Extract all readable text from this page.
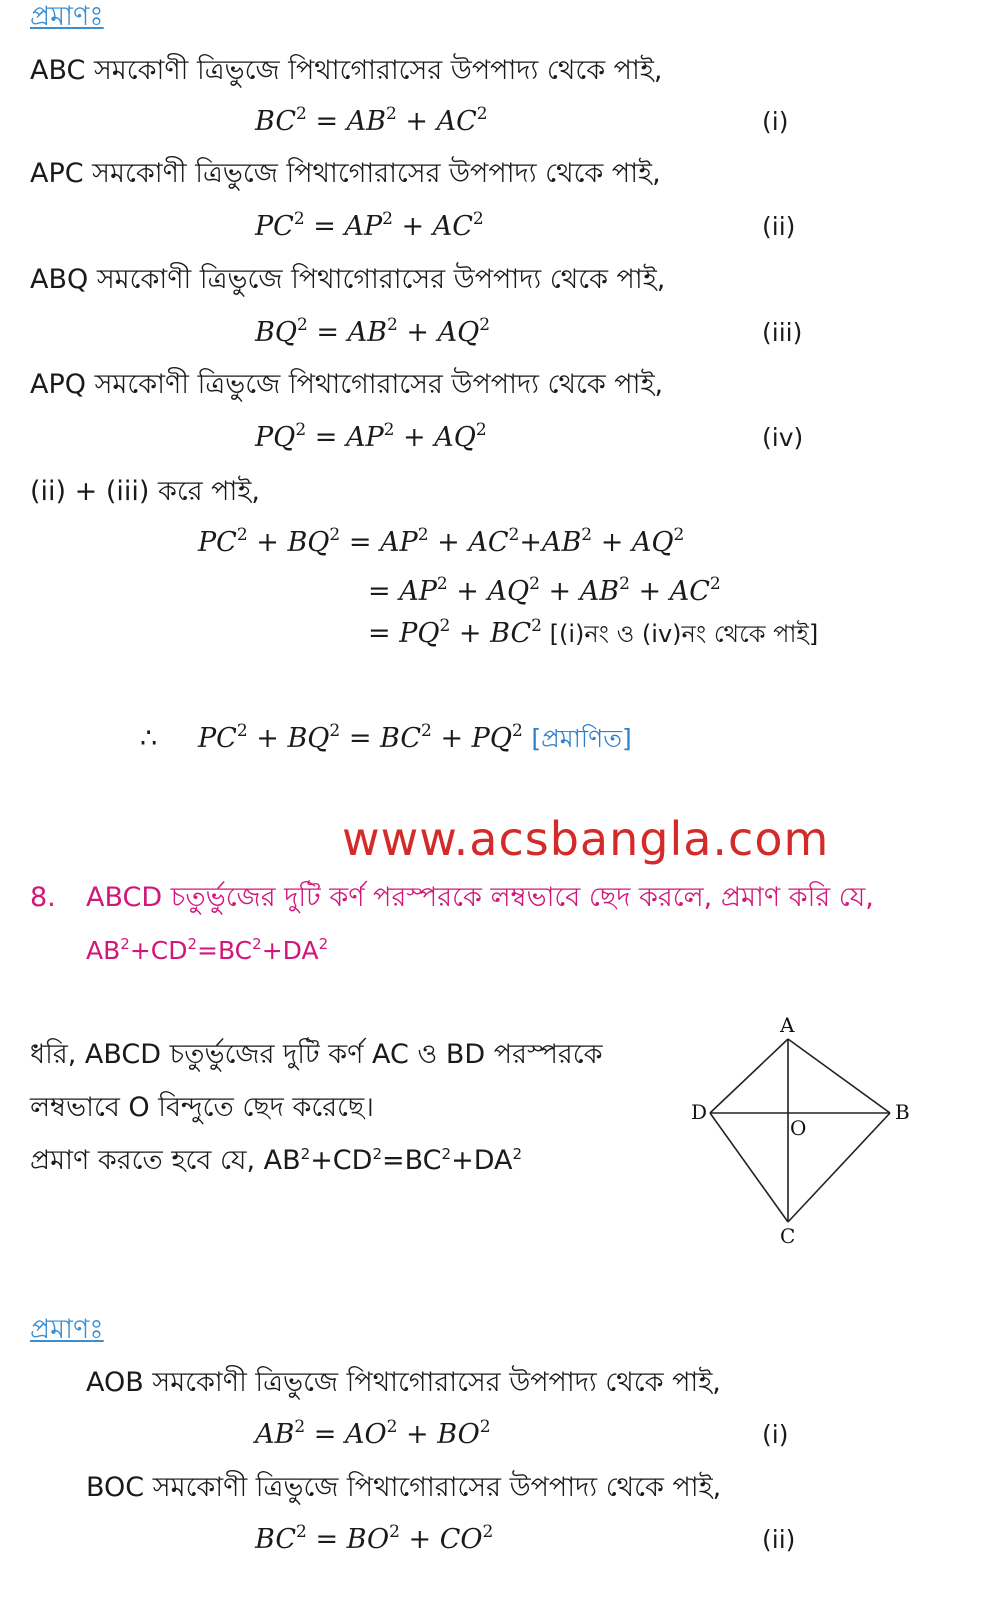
প্রমাণঃ
ABC সমকোণী ত্রিভুজে পিথাগোরাসের উপপাদ্য থেকে পাই,
$BC^2 = AB^2 + AC^2$	(i)
APC সমকোণী ত্রিভুজে পিথাগোরাসের উপপাদ্য থেকে পাই,
$PC^2 = AP^2 + AC^2$	(ii)
ABQ সমকোণী ত্রিভুজে পিথাগোরাসের উপপাদ্য থেকে পাই,
$BQ^2 = AB^2 + AQ^2$	(iii)
APQ সমকোণী ত্রিভুজে পিথাগোরাসের উপপাদ্য থেকে পাই,
$PQ^2 = AP^2 + AQ^2$	(iv)
(ii) + (iii) করে পাই,
$PC^2 + BQ^2 = AP^2 + AC^2+AB^2 + AQ^2$
= $AP^2 + AQ^2 + AB^2 + AC^2$
= $PQ^2 + BC^2$ [(i)নং ও (iv)নং থেকে পাই]
∴ $PC^2 + BQ^2 = BC^2 + PQ^2$ [প্রমাণিত]
www.acsbangla.com
8. ABCD চতুর্ভুজের দুটি কর্ণ পরস্পরকে লম্বভাবে ছেদ করলে, প্রমাণ করি যে,
$AB^2+CD^2=BC^2+DA^2$
ধরি, ABCD চতুর্ভুজের দুটি কর্ণ AC ও BD পরস্পরকে
লম্বভাবে O বিন্দুতে ছেদ করেছে।
প্রমাণ করতে হবে যে, $AB^2+CD^2=BC^2+DA^2$
A
B
C
D
O
প্রমাণঃ
AOB সমকোণী ত্রিভুজে পিথাগোরাসের উপপাদ্য থেকে পাই,
$AB^2 = AO^2 + BO^2$	(i)
BOC সমকোণী ত্রিভুজে পিথাগোরাসের উপপাদ্য থেকে পাই,
$BC^2 = BO^2 + CO^2$	(ii)
